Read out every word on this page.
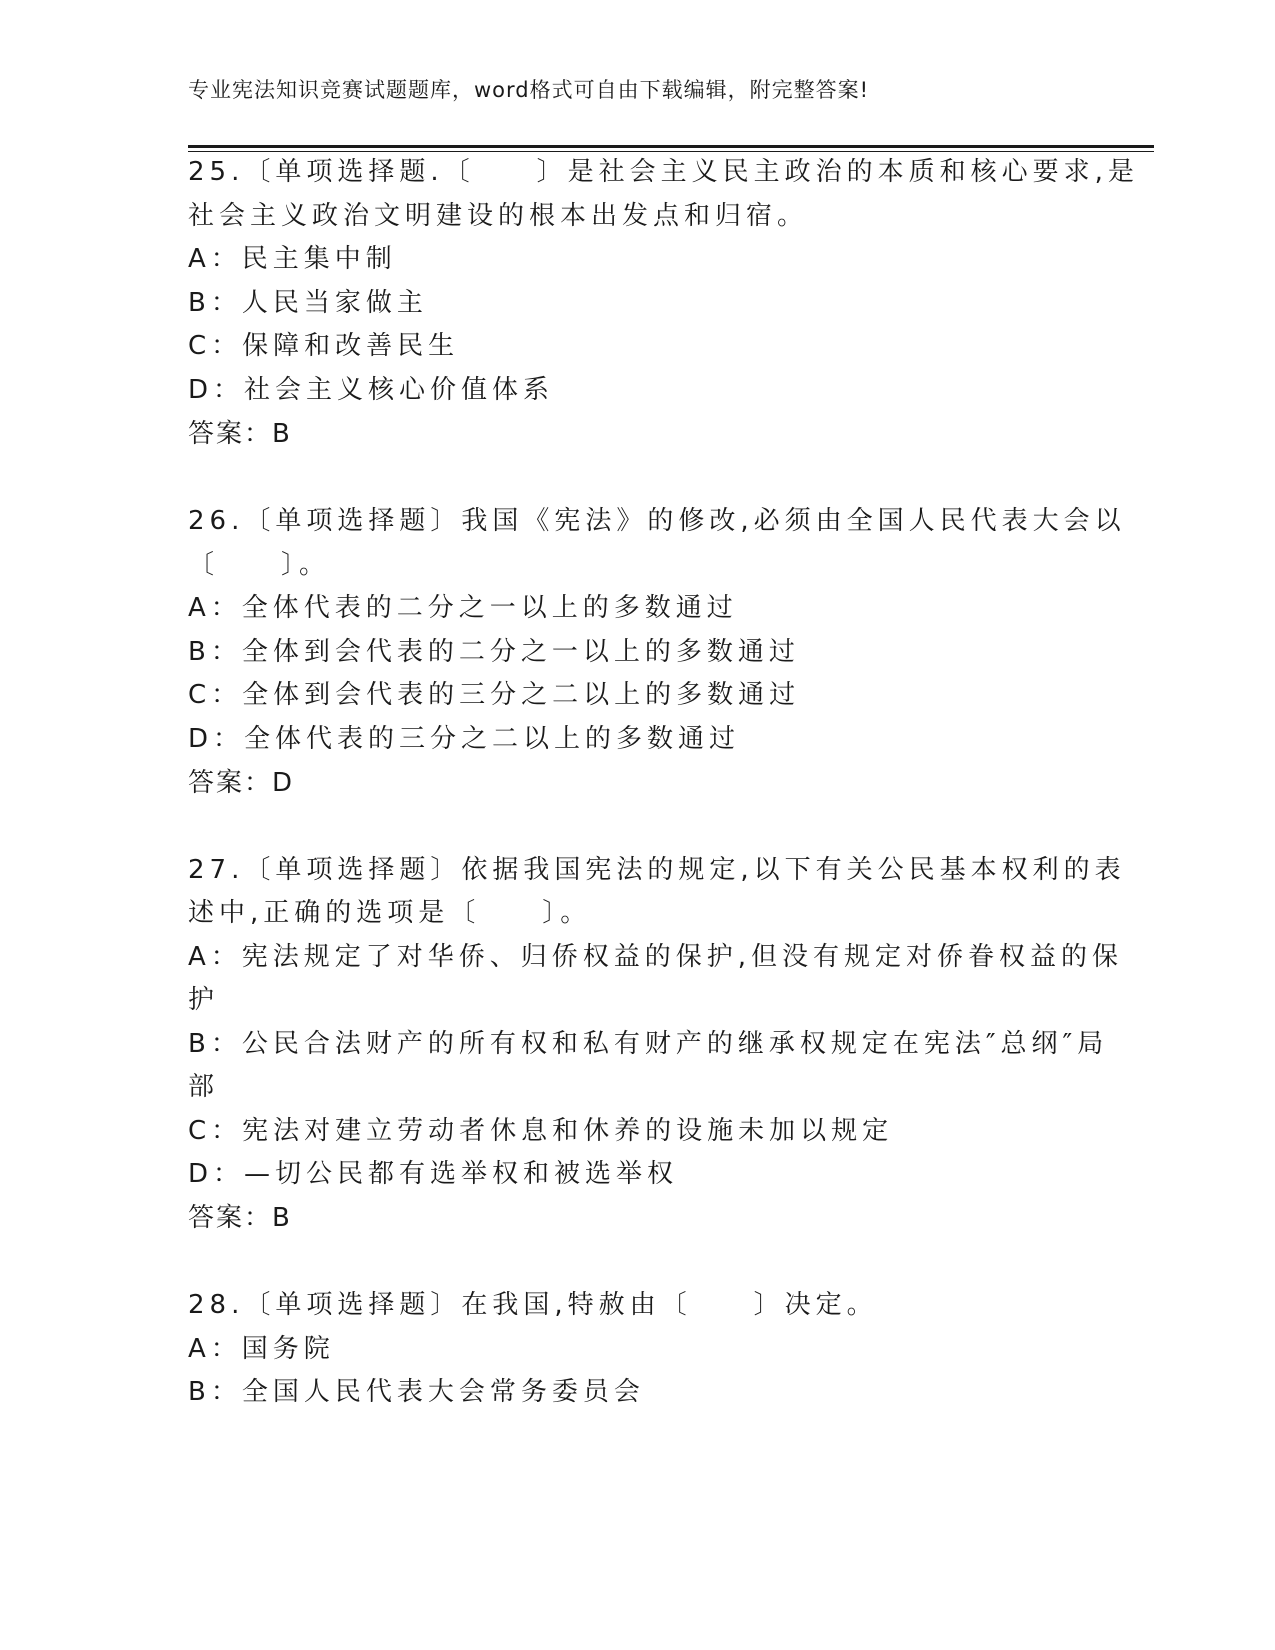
专业宪法知识竞赛试题题库，word格式可自由下载编辑，附完整答案!
25.〔单项选择题.〔　　〕是社会主义民主政治的本质和核心要求,是
社会主义政治文明建设的根本出发点和归宿。
A：民主集中制
B：人民当家做主
C：保障和改善民生
D：社会主义核心价值体系
答案：B
26.〔单项选择题〕我国《宪法》的修改,必须由全国人民代表大会以
〔　　〕。
A：全体代表的二分之一以上的多数通过
B：全体到会代表的二分之一以上的多数通过
C：全体到会代表的三分之二以上的多数通过
D：全体代表的三分之二以上的多数通过
答案：D
27.〔单项选择题〕依据我国宪法的规定,以下有关公民基本权利的表
述中,正确的选项是〔　　〕。
A：宪法规定了对华侨、归侨权益的保护,但没有规定对侨眷权益的保
护
B：公民合法财产的所有权和私有财产的继承权规定在宪法″总纲″局
部
C：宪法对建立劳动者休息和休养的设施未加以规定
D：—切公民都有选举权和被选举权
答案：B
28.〔单项选择题〕在我国,特赦由〔　　〕决定。
A：国务院
B：全国人民代表大会常务委员会
